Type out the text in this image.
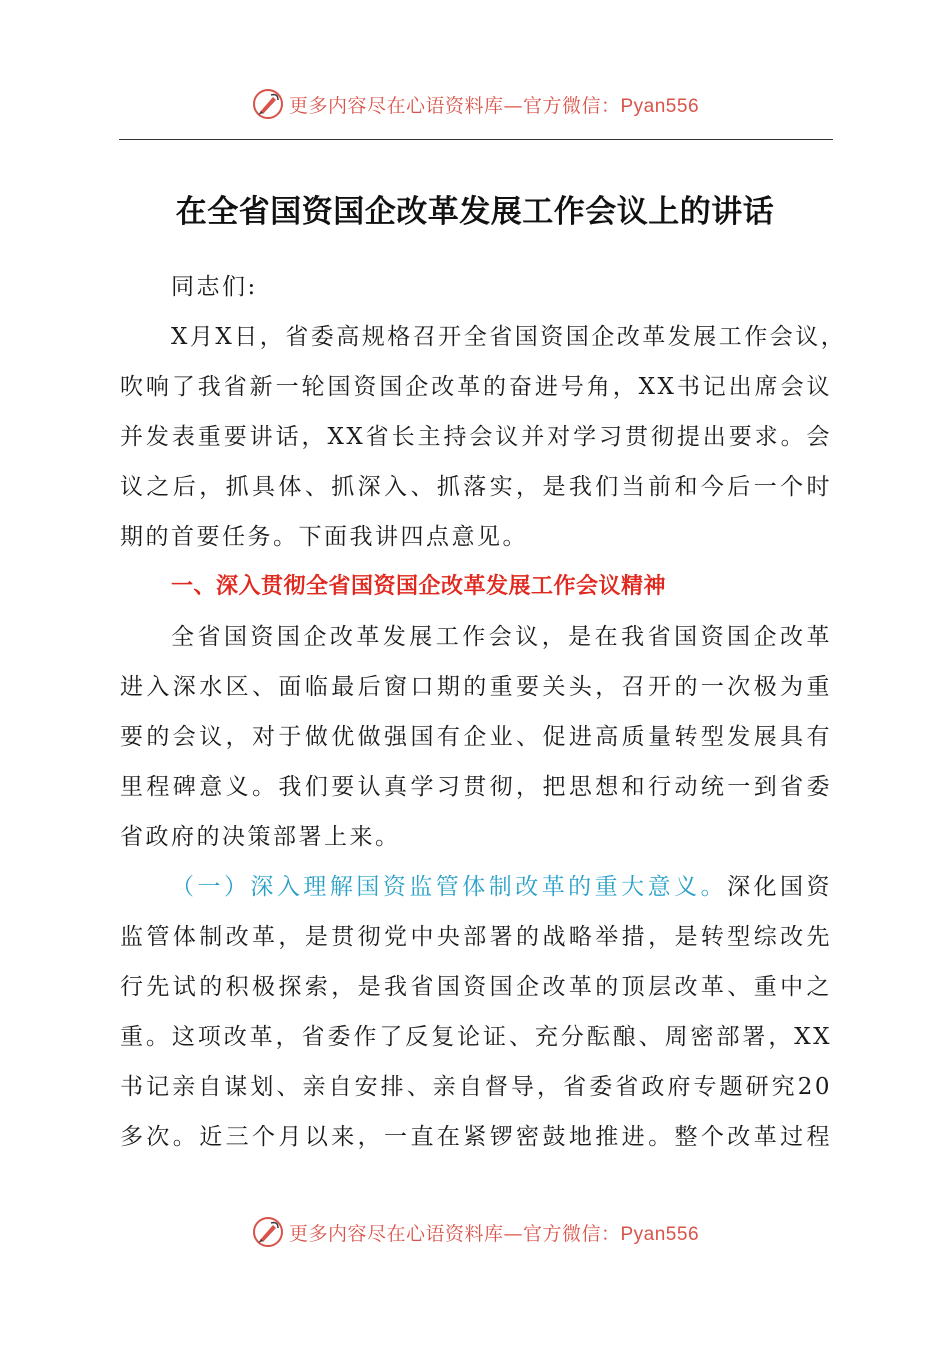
更多内容尽在心语资料库—官方微信：Pyan556
在全省国资国企改革发展工作会议上的讲话

同志们:

X月X日，省委高规格召开全省国资国企改革发展工作会议，
吹响了我省新一轮国资国企改革的奋进号角，XX书记出席会议
并发表重要讲话，XX省长主持会议并对学习贯彻提出要求。会
议之后，抓具体、抓深入、抓落实，是我们当前和今后一个时
期的首要任务。下面我讲四点意见。

一、深入贯彻全省国资国企改革发展工作会议精神

全省国资国企改革发展工作会议，是在我省国资国企改革
进入深水区、面临最后窗口期的重要关头，召开的一次极为重
要的会议，对于做优做强国有企业、促进高质量转型发展具有
里程碑意义。我们要认真学习贯彻，把思想和行动统一到省委
省政府的决策部署上来。

（一）深入理解国资监管体制改革的重大意义。深化国资
监管体制改革，是贯彻党中央部署的战略举措，是转型综改先
行先试的积极探索，是我省国资国企改革的顶层改革、重中之
重。这项改革，省委作了反复论证、充分酝酿、周密部署，XX
书记亲自谋划、亲自安排、亲自督导，省委省政府专题研究20
多次。近三个月以来，一直在紧锣密鼓地推进。整个改革过程

更多内容尽在心语资料库—官方微信：Pyan556
